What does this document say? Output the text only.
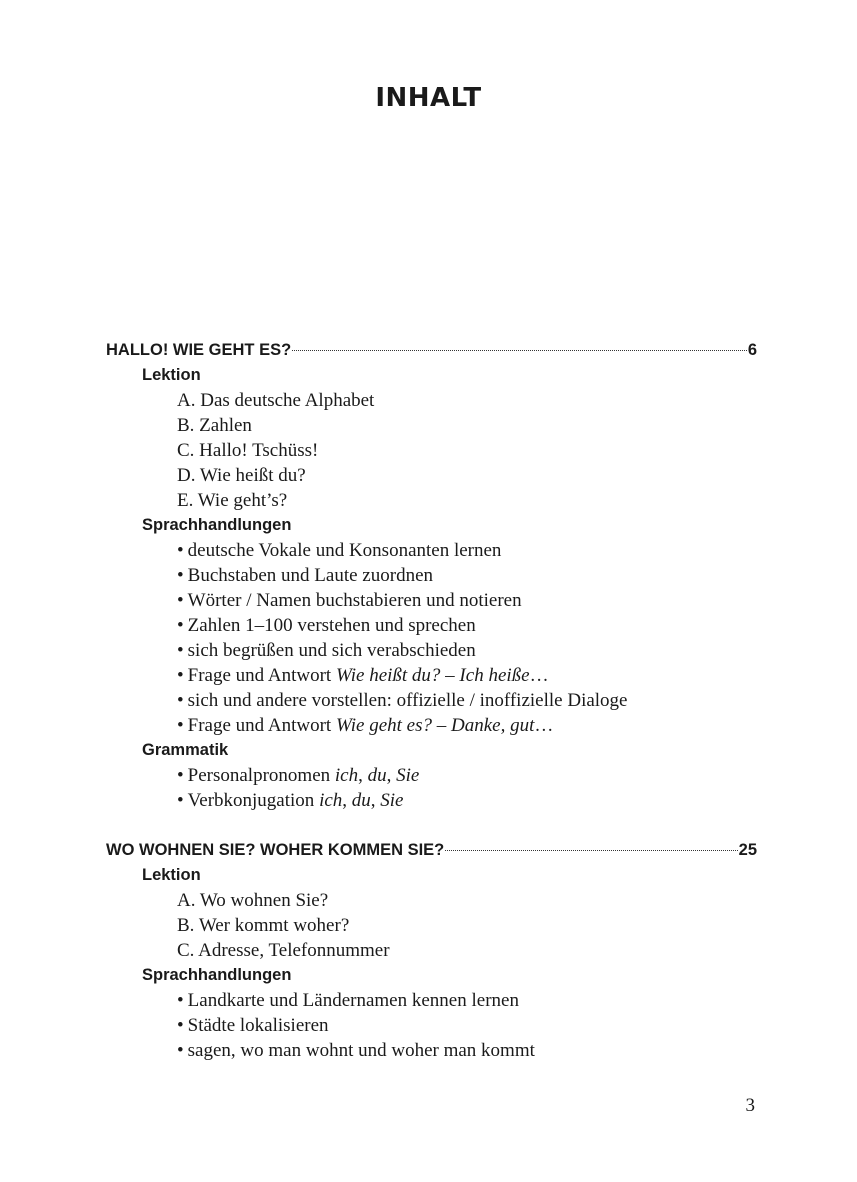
INHALT
HALLO! WIE GEHT ES?	6
Lektion
A. Das deutsche Alphabet
B. Zahlen
C. Hallo! Tschüss!
D. Wie heißt du?
E. Wie geht’s?
Sprachhandlungen
• deutsche Vokale und Konsonanten lernen
• Buchstaben und Laute zuordnen
• Wörter / Namen buchstabieren und notieren
• Zahlen 1–100 verstehen und sprechen
• sich begrüßen und sich verabschieden
• Frage und Antwort Wie heißt du? – Ich heiße…
• sich und andere vorstellen: offizielle / inoffizielle Dialoge
• Frage und Antwort Wie geht es? – Danke, gut…
Grammatik
• Personalpronomen ich, du, Sie
• Verbkonjugation ich, du, Sie
WO WOHNEN SIE? WOHER KOMMEN SIE?	25
Lektion
A. Wo wohnen Sie?
B. Wer kommt woher?
C. Adresse, Telefonnummer
Sprachhandlungen
• Landkarte und Ländernamen kennen lernen
• Städte lokalisieren
• sagen, wo man wohnt und woher man kommt
3
